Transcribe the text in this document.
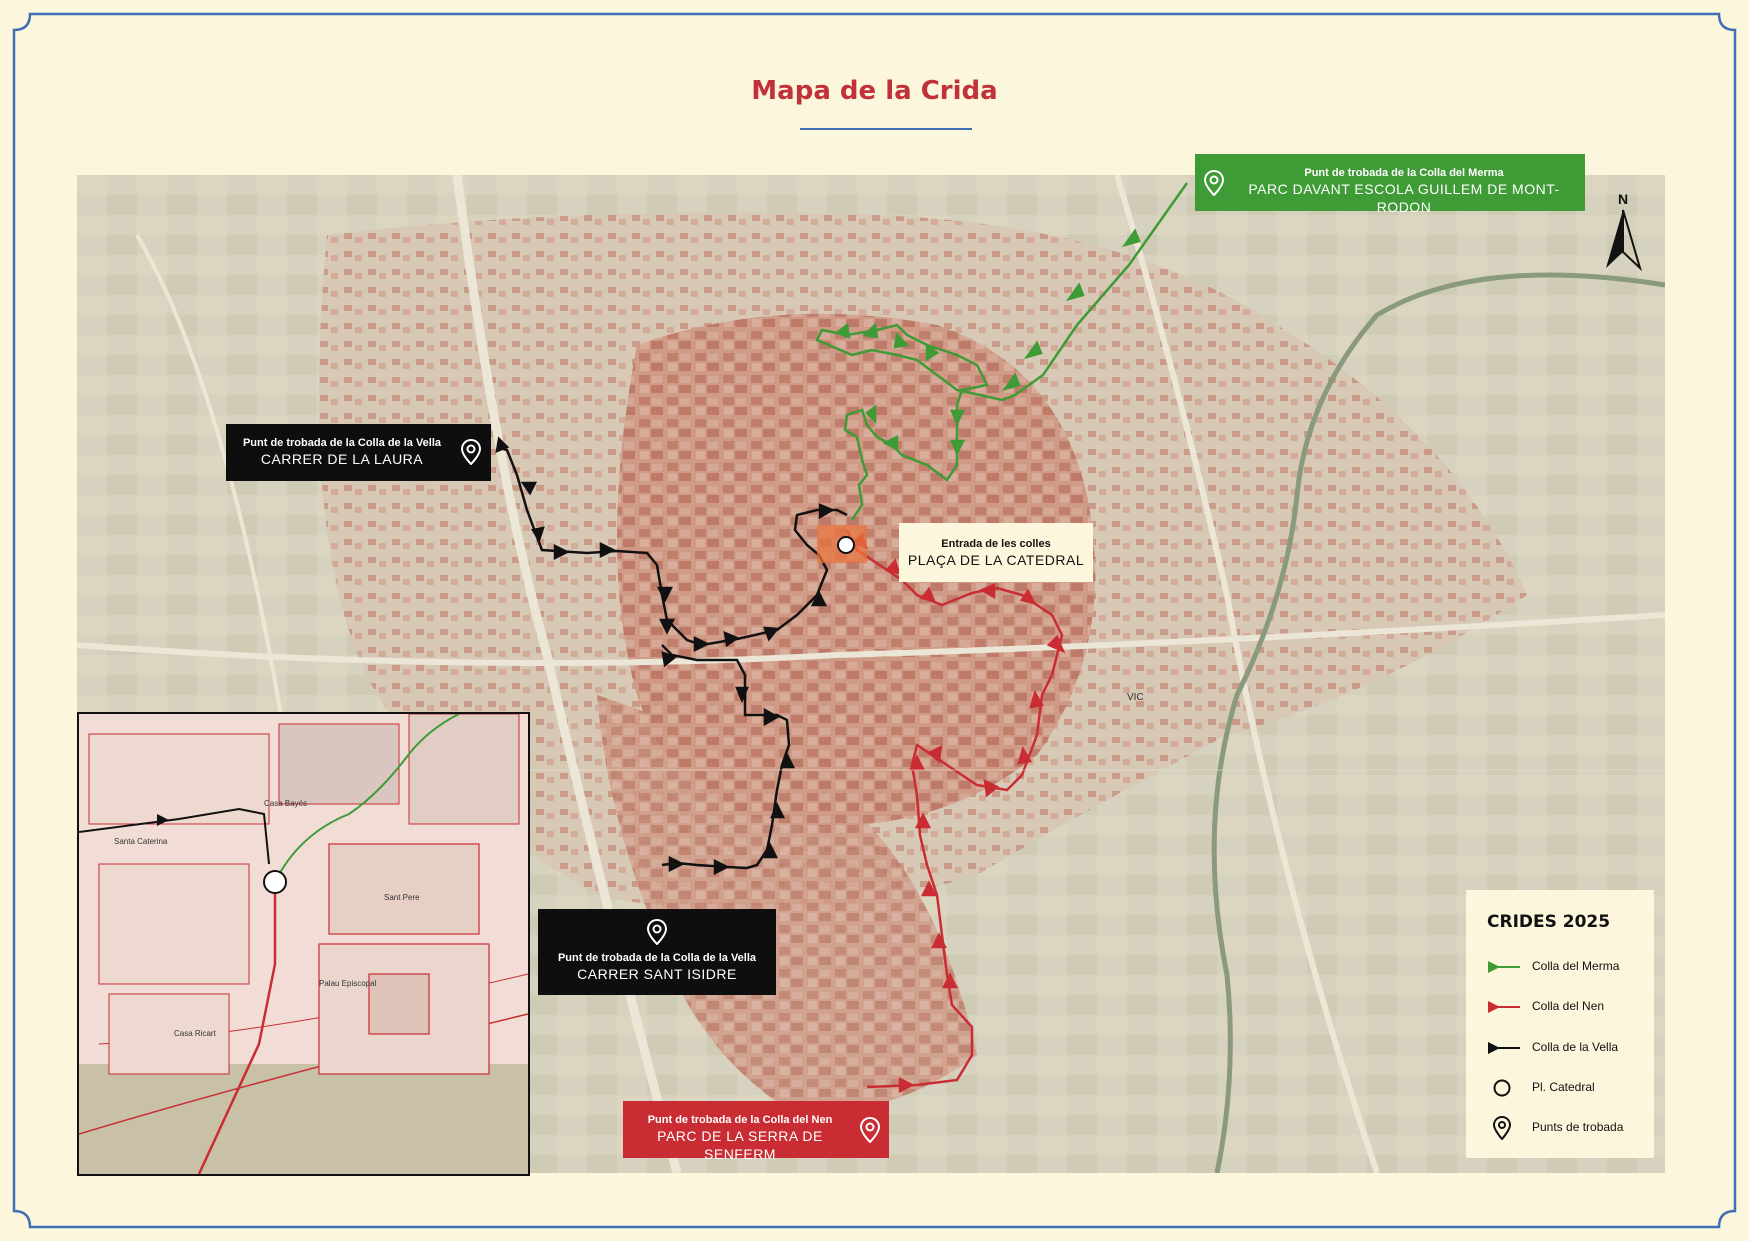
Mapa de la Crida
VIC
Sant Pere
Palau Episcopal
Casa Bayés
Casa Ricart
Santa Caterina
Punt de trobada de la Colla del Merma
PARC DAVANT ESCOLA GUILLEM DE MONT-RODON
Punt de trobada de la Colla de la Vella
CARRER DE LA LAURA
Entrada de les colles
PLAÇA DE LA CATEDRAL
Punt de trobada de la Colla de la Vella
CARRER SANT ISIDRE
Punt de trobada de la Colla del Nen
PARC DE LA SERRA DE SENFERM
N
CRIDES 2025
Colla del Merma
Colla del Nen
Colla de la Vella
Pl. Catedral
Punts de trobada
